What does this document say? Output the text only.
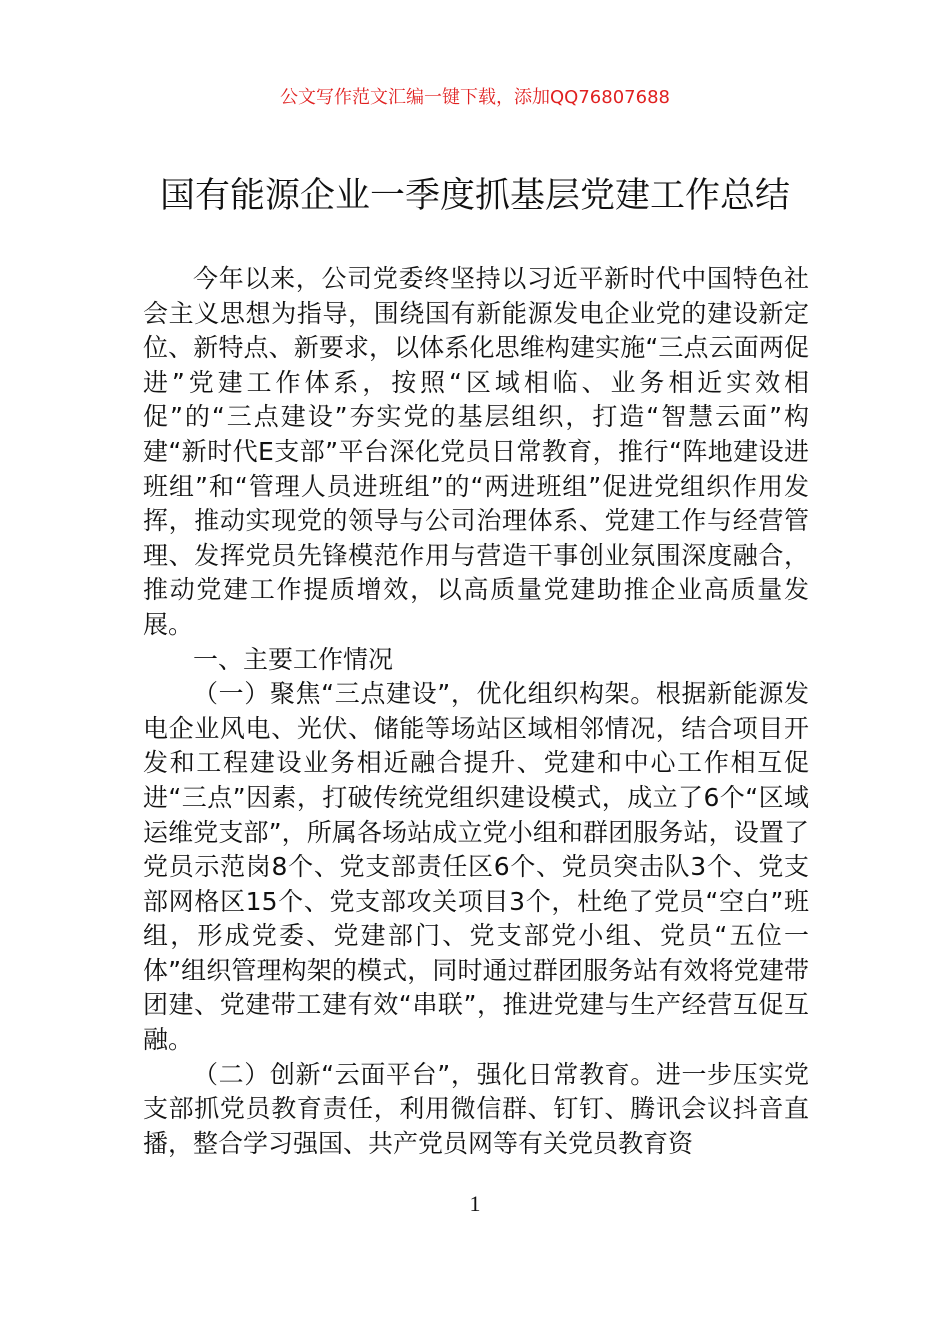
公文写作范文汇编一键下载，添加QQ76807688
国有能源企业一季度抓基层党建工作总结

今年以来，公司党委终坚持以习近平新时代中国特色社会主义思想为指导，围绕国有新能源发电企业党的建设新定位、新特点、新要求，以体系化思维构建实施“三点云面两促进”党建工作体系，按照“区域相临、业务相近实效相促”的“三点建设”夯实党的基层组织，打造“智慧云面”构建“新时代E支部”平台深化党员日常教育，推行“阵地建设进班组”和“管理人员进班组”的“两进班组”促进党组织作用发挥，推动实现党的领导与公司治理体系、党建工作与经营管理、发挥党员先锋模范作用与营造干事创业氛围深度融合，推动党建工作提质增效，以高质量党建助推企业高质量发展。

一、主要工作情况

（一）聚焦“三点建设”，优化组织构架。根据新能源发电企业风电、光伏、储能等场站区域相邻情况，结合项目开发和工程建设业务相近融合提升、党建和中心工作相互促进“三点”因素，打破传统党组织建设模式，成立了6个“区域运维党支部”，所属各场站成立党小组和群团服务站，设置了党员示范岗8个、党支部责任区6个、党员突击队3个、党支部网格区15个、党支部攻关项目3个，杜绝了党员“空白”班组，形成党委、党建部门、党支部党小组、党员“五位一体”组织管理构架的模式，同时通过群团服务站有效将党建带团建、党建带工建有效“串联”，推进党建与生产经营互促互融。

（二）创新“云面平台”，强化日常教育。进一步压实党支部抓党员教育责任，利用微信群、钉钉、腾讯会议抖音直播，整合学习强国、共产党员网等有关党员教育资

1
